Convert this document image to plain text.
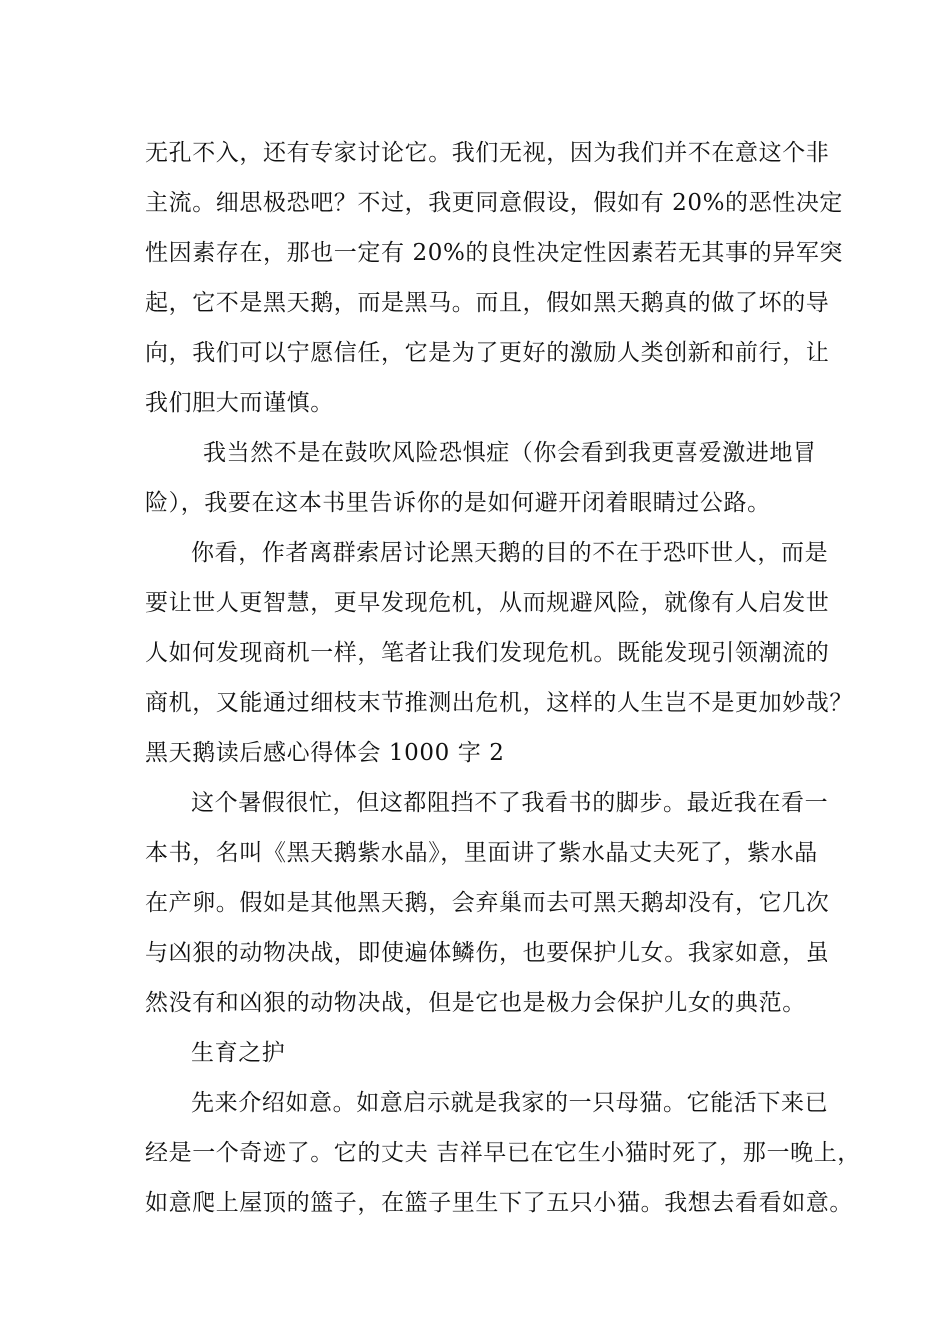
无孔不入，还有专家讨论它。我们无视，因为我们并不在意这个非
主流。细思极恐吧？不过，我更同意假设，假如有 20%的恶性决定
性因素存在，那也一定有 20%的良性决定性因素若无其事的异军突
起，它不是黑天鹅，而是黑马。而且，假如黑天鹅真的做了坏的导
向，我们可以宁愿信任，它是为了更好的激励人类创新和前行，让
我们胆大而谨慎。
我当然不是在鼓吹风险恐惧症（你会看到我更喜爱激进地冒
险），我要在这本书里告诉你的是如何避开闭着眼睛过公路。
你看，作者离群索居讨论黑天鹅的目的不在于恐吓世人，而是
要让世人更智慧，更早发现危机，从而规避风险，就像有人启发世
人如何发现商机一样，笔者让我们发现危机。既能发现引领潮流的
商机，又能通过细枝末节推测出危机，这样的人生岂不是更加妙哉？
黑天鹅读后感心得体会 1000 字 2
这个暑假很忙，但这都阻挡不了我看书的脚步。最近我在看一
本书，名叫《黑天鹅紫水晶》，里面讲了紫水晶丈夫死了，紫水晶
在产卵。假如是其他黑天鹅，会弃巢而去可黑天鹅却没有，它几次
与凶狠的动物决战，即使遍体鳞伤，也要保护儿女。我家如意，虽
然没有和凶狠的动物决战，但是它也是极力会保护儿女的典范。
生育之护
先来介绍如意。如意启示就是我家的一只母猫。它能活下来已
经是一个奇迹了。它的丈夫 吉祥早已在它生小猫时死了，那一晚上，
如意爬上屋顶的篮子，在篮子里生下了五只小猫。我想去看看如意。
